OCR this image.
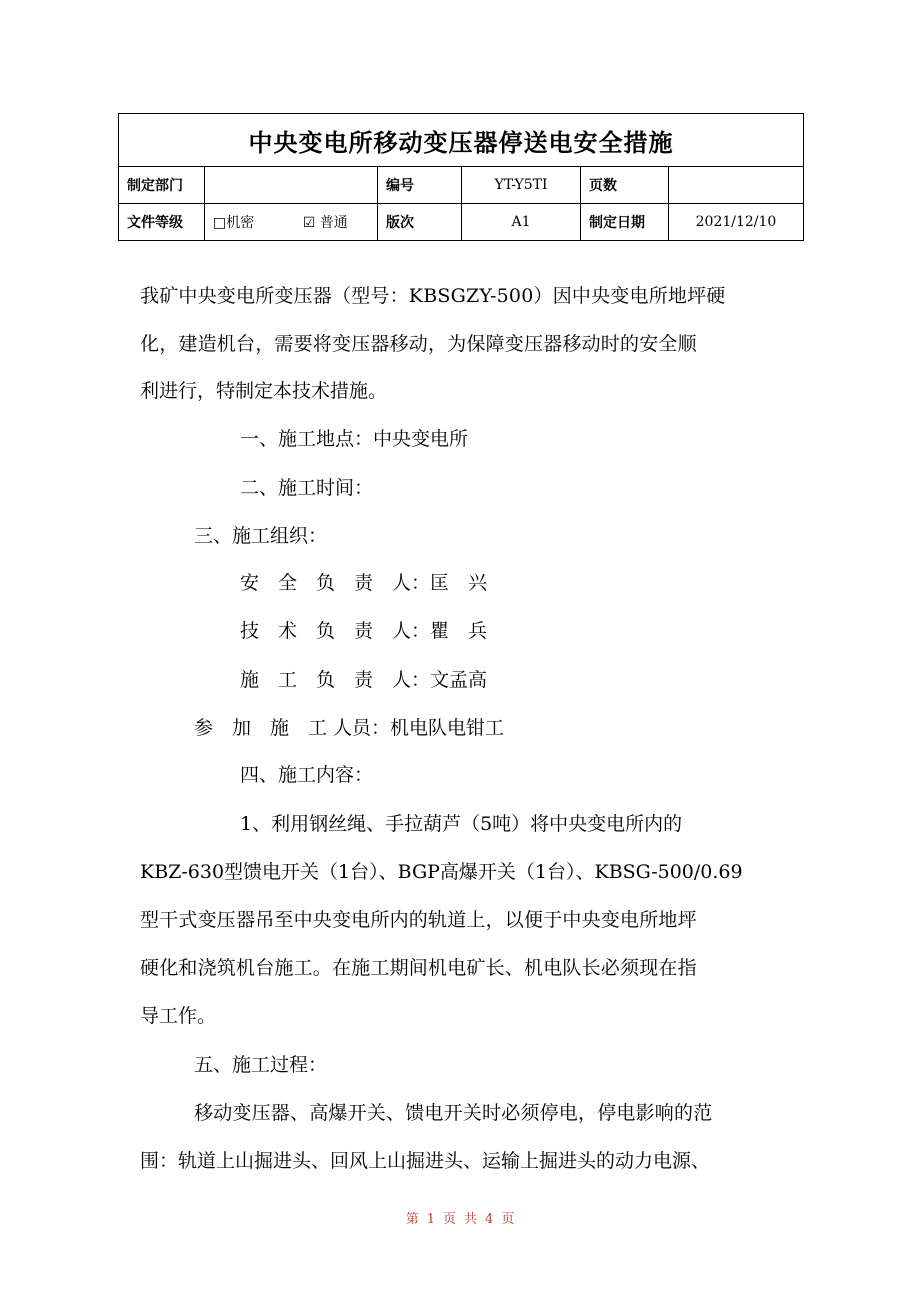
中央变电所移动变压器停送电安全措施					
制定部门		编号	YT-Y5TI	页数	
文件等级	□机密 ☑ 普通	版次	A1	制定日期	2021/12/10
我矿中央变电所变压器（型号：KBSGZY-500）因中央变电所地坪硬
化，建造机台，需要将变压器移动，为保障变压器移动时的安全顺
利进行，特制定本技术措施。
一、施工地点：中央变电所
二、施工时间：
三、施工组织：
安　全　负　责　人：匡　兴
技　术　负　责　人：瞿　兵
施　工　负　责　人：文孟高
参　加　施　工 人员：机电队电钳工
四、施工内容：
1、利用钢丝绳、手拉葫芦（5吨）将中央变电所内的
KBZ-630型馈电开关（1台）、BGP高爆开关（1台）、KBSG-500/0.69
型干式变压器吊至中央变电所内的轨道上，以便于中央变电所地坪
硬化和浇筑机台施工。在施工期间机电矿长、机电队长必须现在指
导工作。
五、施工过程：
移动变压器、高爆开关、馈电开关时必须停电，停电影响的范
围：轨道上山掘进头、回风上山掘进头、运输上掘进头的动力电源、
第 1 页 共 4 页
